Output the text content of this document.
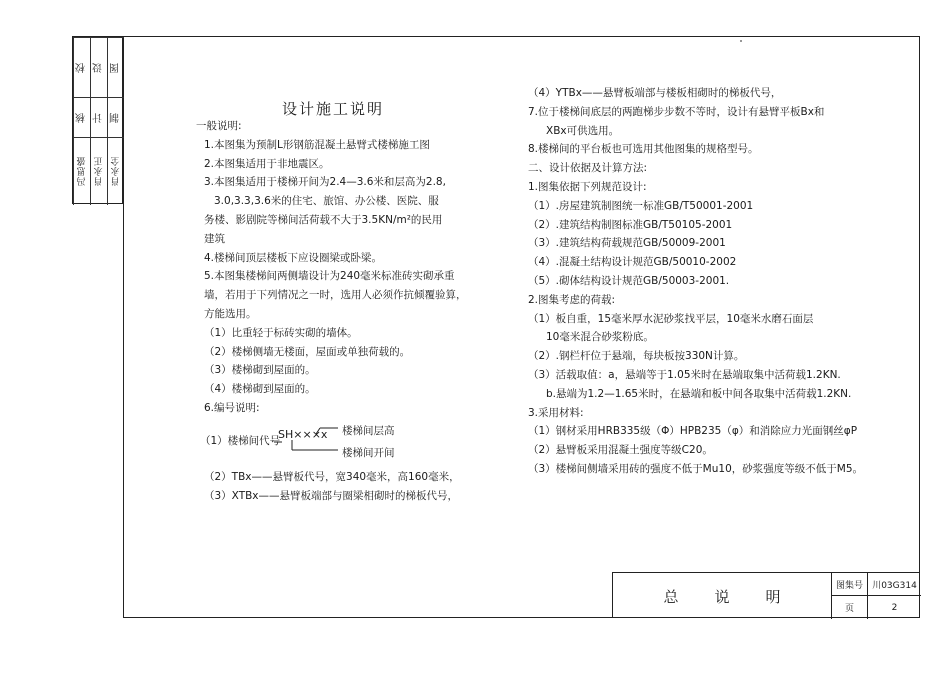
校 设 图
核 计 制
冯恩盛 肖永正 肖永全
设计施工说明
一般说明:
1.本图集为预制L形钢筋混凝土悬臂式楼梯施工图
2.本图集适用于非地震区。
3.本图集适用于楼梯开间为2.4—3.6米和层高为2.8,
3.0,3.3,3.6米的住宅、旅馆、办公楼、医院、服
务楼、影剧院等梯间活荷载不大于3.5KN/m²的民用
建筑
4.楼梯间顶层楼板下应设圈梁或卧梁。
5.本图集楼梯间两侧墙设计为240毫米标准砖实砌承重
墙，若用于下列情况之一时，选用人必须作抗倾覆验算，
方能选用。
（1）比重轻于标砖实砌的墙体。
（2）楼梯侧墙无楼面，屋面或单独荷载的。
（3）楼梯砌到屋面的。
（4）楼梯砌到屋面的。
6.编号说明:
（1）楼梯间代号
SH×××x 楼梯间层高
楼梯间开间
（2）TBx——悬臂板代号，宽340毫米，高160毫米，
（3）XTBx——悬臂板端部与圈梁相砌时的梯板代号，
（4）YTBx——悬臂板端部与楼板相砌时的梯板代号，
7.位于楼梯间底层的两跑梯步步数不等时，设计有悬臂平板Bx和
XBx可供选用。
8.楼梯间的平台板也可选用其他图集的规格型号。
二、设计依据及计算方法:
1.图集依据下列规范设计:
（1）.房屋建筑制图统一标准GB/T50001-2001
（2）.建筑结构制图标准GB/T50105-2001
（3）.建筑结构荷载规范GB/50009-2001
（4）.混凝土结构设计规范GB/50010-2002
（5）.砌体结构设计规范GB/50003-2001.
2.图集考虑的荷载:
（1）板自重，15毫米厚水泥砂浆找平层，10毫米水磨石面层
10毫米混合砂浆粉底。
（2）.钢栏杆位于悬端，每块板按330N计算。
（3）活载取值：a，悬端等于1.05米时在悬端取集中活荷载1.2KN.
b.悬端为1.2—1.65米时，在悬端和板中间各取集中活荷载1.2KN.
3.采用材料:
（1）钢材采用HRB335级（Φ）HPB235（φ）和消除应力光面钢丝φP
（2）悬臂板采用混凝土强度等级C20。
（3）楼梯间侧墙采用砖的强度不低于Mu10，砂浆强度等级不低于M5。
总说明
图集号	川03G314
页	2
